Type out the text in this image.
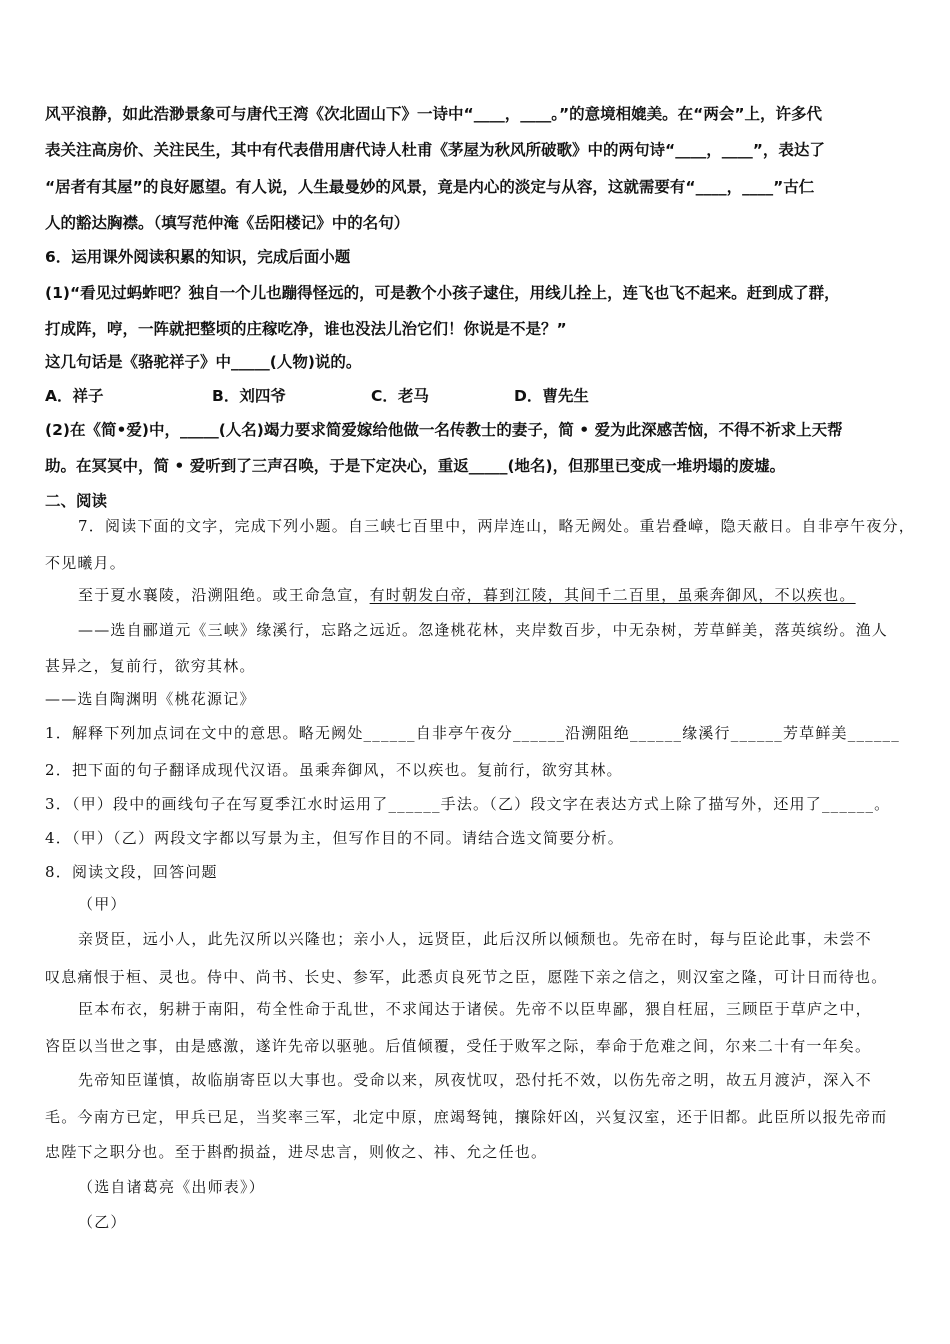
风平浪静，如此浩渺景象可与唐代王湾《次北固山下》一诗中“____，____。”的意境相媲美。在“两会”上，许多代
表关注高房价、关注民生，其中有代表借用唐代诗人杜甫《茅屋为秋风所破歌》中的两句诗“____，____”，表达了
“居者有其屋”的良好愿望。有人说，人生最曼妙的风景，竟是内心的淡定与从容，这就需要有“____，____”古仁
人的豁达胸襟。（填写范仲淹《岳阳楼记》中的名句）
6．运用课外阅读积累的知识，完成后面小题
(1)“看见过蚂蚱吧？独自一个儿也蹦得怪远的，可是教个小孩子逮住，用线儿拴上，连飞也飞不起来。赶到成了群，
打成阵，哼，一阵就把整顷的庄稼吃净，谁也没法儿治它们！你说是不是？”
这几句话是《骆驼祥子》中_____(人物)说的。
A．祥子	B．刘四爷	C．老马	D．曹先生
(2)在《简•爱)中，_____(人名)竭力要求简爱嫁给他做一名传教士的妻子，简 • 爱为此深感苦恼，不得不祈求上天帮
助。在冥冥中，简 • 爱听到了三声召唤，于是下定决心，重返_____(地名)，但那里已变成一堆坍塌的废墟。
二、阅读
7．阅读下面的文字，完成下列小题。自三峡七百里中，两岸连山，略无阙处。重岩叠嶂，隐天蔽日。自非亭午夜分，
不见曦月。
至于夏水襄陵，沿溯阻绝。或王命急宣，有时朝发白帝，暮到江陵，其间千二百里，虽乘奔御风，不以疾也。
——选自郦道元《三峡》缘溪行，忘路之远近。忽逢桃花林，夹岸数百步，中无杂树，芳草鲜美，落英缤纷。渔人
甚异之，复前行，欲穷其林。
——选自陶渊明《桃花源记》
1．解释下列加点词在文中的意思。略无阙处______自非亭午夜分______沿溯阻绝______缘溪行______芳草鲜美______
2．把下面的句子翻译成现代汉语。虽乘奔御风，不以疾也。复前行，欲穷其林。
3．（甲）段中的画线句子在写夏季江水时运用了______手法。（乙）段文字在表达方式上除了描写外，还用了______。
4．（甲）（乙）两段文字都以写景为主，但写作目的不同。请结合选文简要分析。
8．阅读文段，回答问题
（甲）
亲贤臣，远小人，此先汉所以兴隆也；亲小人，远贤臣，此后汉所以倾颓也。先帝在时，每与臣论此事，未尝不
叹息痛恨于桓、灵也。侍中、尚书、长史、参军，此悉贞良死节之臣，愿陛下亲之信之，则汉室之隆，可计日而待也。
臣本布衣，躬耕于南阳，苟全性命于乱世，不求闻达于诸侯。先帝不以臣卑鄙，猥自枉屈，三顾臣于草庐之中，
咨臣以当世之事，由是感激，遂许先帝以驱驰。后值倾覆，受任于败军之际，奉命于危难之间，尔来二十有一年矣。
先帝知臣谨慎，故临崩寄臣以大事也。受命以来，夙夜忧叹，恐付托不效，以伤先帝之明，故五月渡泸，深入不
毛。今南方已定，甲兵已足，当奖率三军，北定中原，庶竭驽钝，攘除奸凶，兴复汉室，还于旧都。此臣所以报先帝而
忠陛下之职分也。至于斟酌损益，进尽忠言，则攸之、祎、允之任也。
（选自诸葛亮《出师表》）
（乙）
